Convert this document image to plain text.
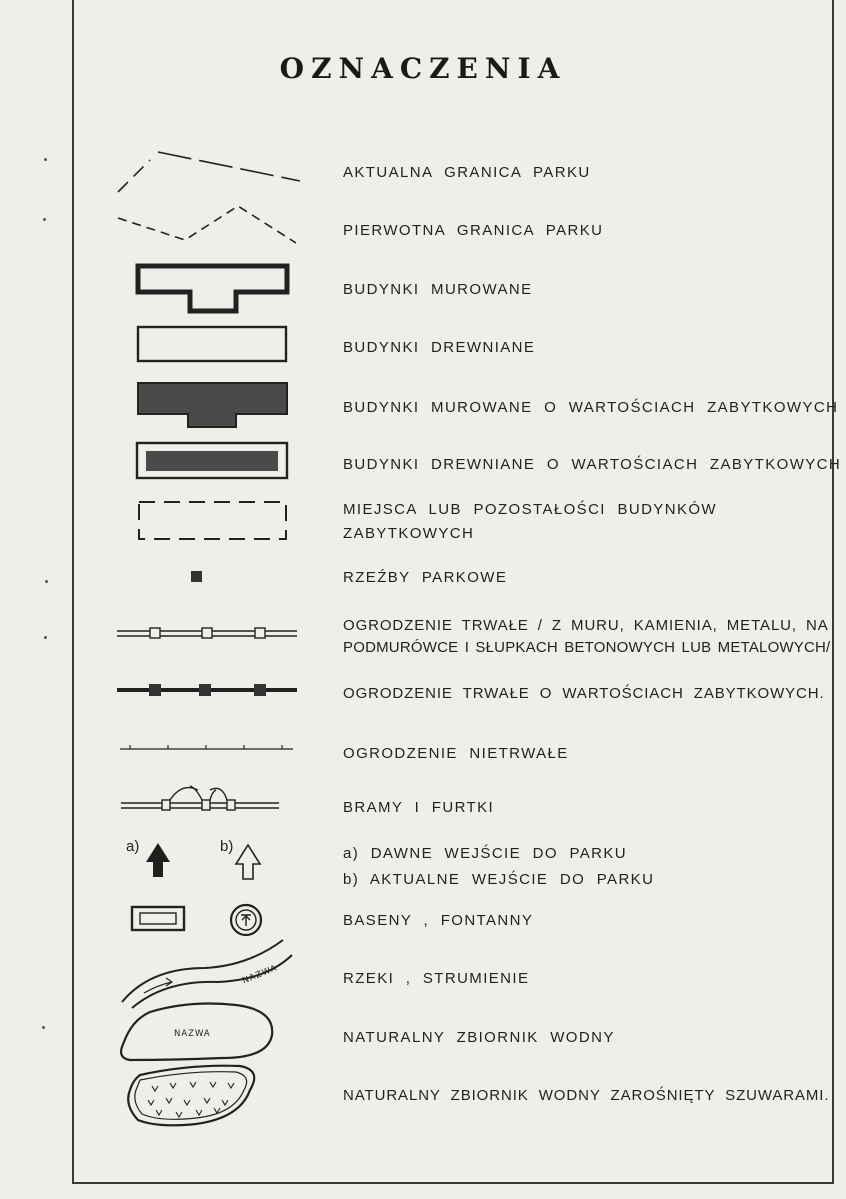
OZNACZENIA
AKTUALNA GRANICA PARKU
PIERWOTNA GRANICA PARKU
BUDYNKI MUROWANE
BUDYNKI DREWNIANE
BUDYNKI MUROWANE O WARTOŚCIACH ZABYTKOWYCH
BUDYNKI DREWNIANE O WARTOŚCIACH ZABYTKOWYCH
MIEJSCA LUB POZOSTAŁOŚCI BUDYNKÓW
ZABYTKOWYCH
RZEŹBY PARKOWE
OGRODZENIE TRWAŁE / Z MURU, KAMIENIA, METALU, NA
PODMURÓWCE I SŁUPKACH BETONOWYCH LUB METALOWYCH/
OGRODZENIE TRWAŁE O WARTOŚCIACH ZABYTKOWYCH.
OGRODZENIE NIETRWAŁE
BRAMY I FURTKI
a) DAWNE WEJŚCIE DO PARKU
b) AKTUALNE WEJŚCIE DO PARKU
BASENY , FONTANNY
RZEKI , STRUMIENIE
NATURALNY ZBIORNIK WODNY
NATURALNY ZBIORNIK WODNY ZAROŚNIĘTY SZUWARAMI.
a)	b)
NAZWA
NAZWA
